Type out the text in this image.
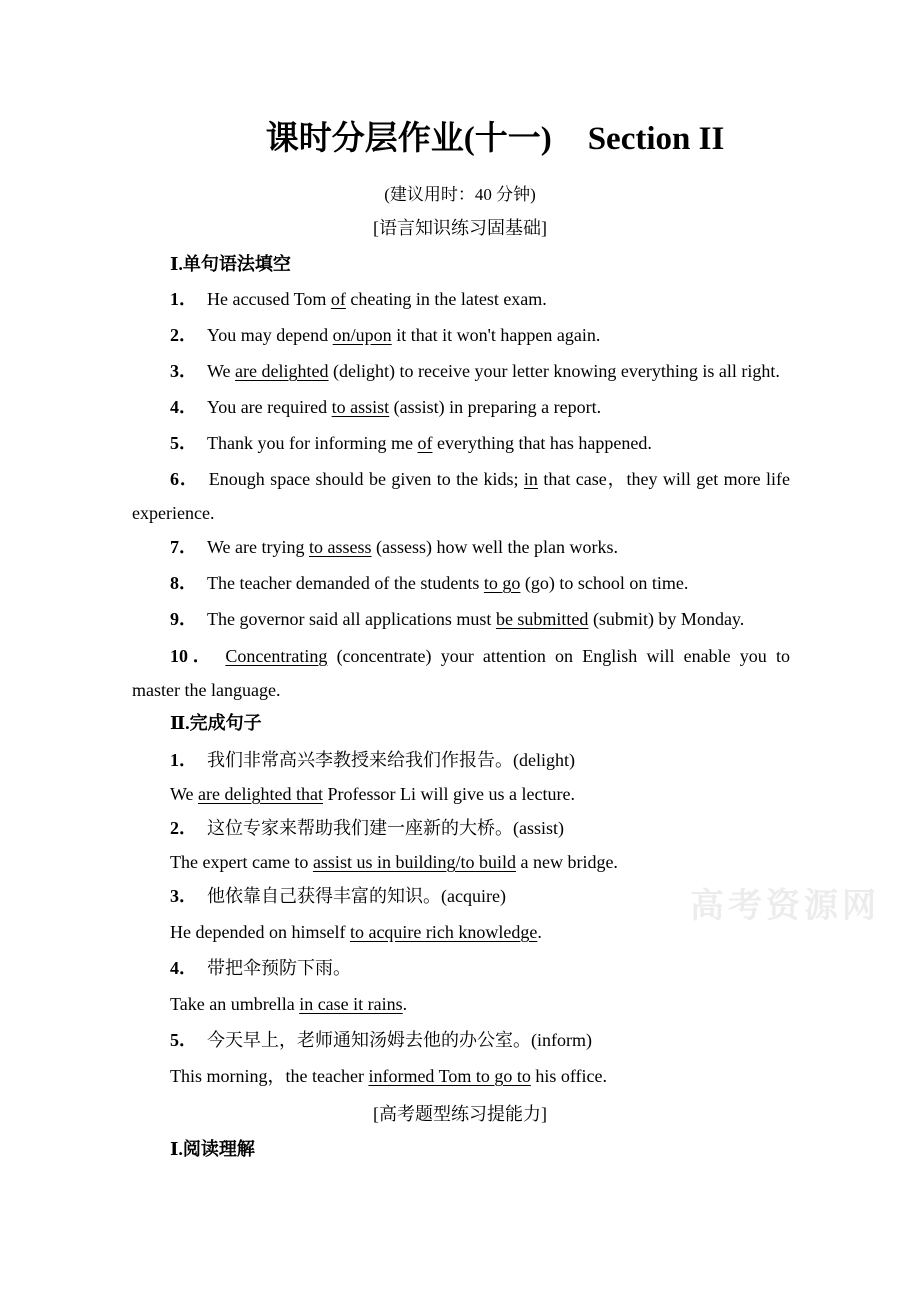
课时分层作业(十一) Section II
(建议用时：40 分钟)
[语言知识练习固基础]
Ⅰ.单句语法填空
1． He accused Tom of cheating in the latest exam.
2． You may depend on/upon it that it won't happen again.
3． We are delighted (delight) to receive your letter knowing everything is all right.
4． You are required to assist (assist) in preparing a report.
5． Thank you for informing me of everything that has happened.
6． Enough space should be given to the kids; in that case，they will get more life
experience.
7． We are trying to assess (assess) how well the plan works.
8． The teacher demanded of the students to go (go) to school on time.
9． The governor said all applications must be submitted (submit) by Monday.
10． Concentrating (concentrate) your attention on English will enable you to
master the language.
Ⅱ.完成句子
1． 我们非常高兴李教授来给我们作报告。(delight)
We are delighted that Professor Li will give us a lecture.
2． 这位专家来帮助我们建一座新的大桥。(assist)
The expert came to assist us in building/to build a new bridge.
3． 他依靠自己获得丰富的知识。(acquire)
He depended on himself to acquire rich knowledge.
4． 带把伞预防下雨。
Take an umbrella in case it rains.
5． 今天早上，老师通知汤姆去他的办公室。(inform)
This morning，the teacher informed Tom to go to his office.
[高考题型练习提能力]
Ⅰ.阅读理解
高考资源网
